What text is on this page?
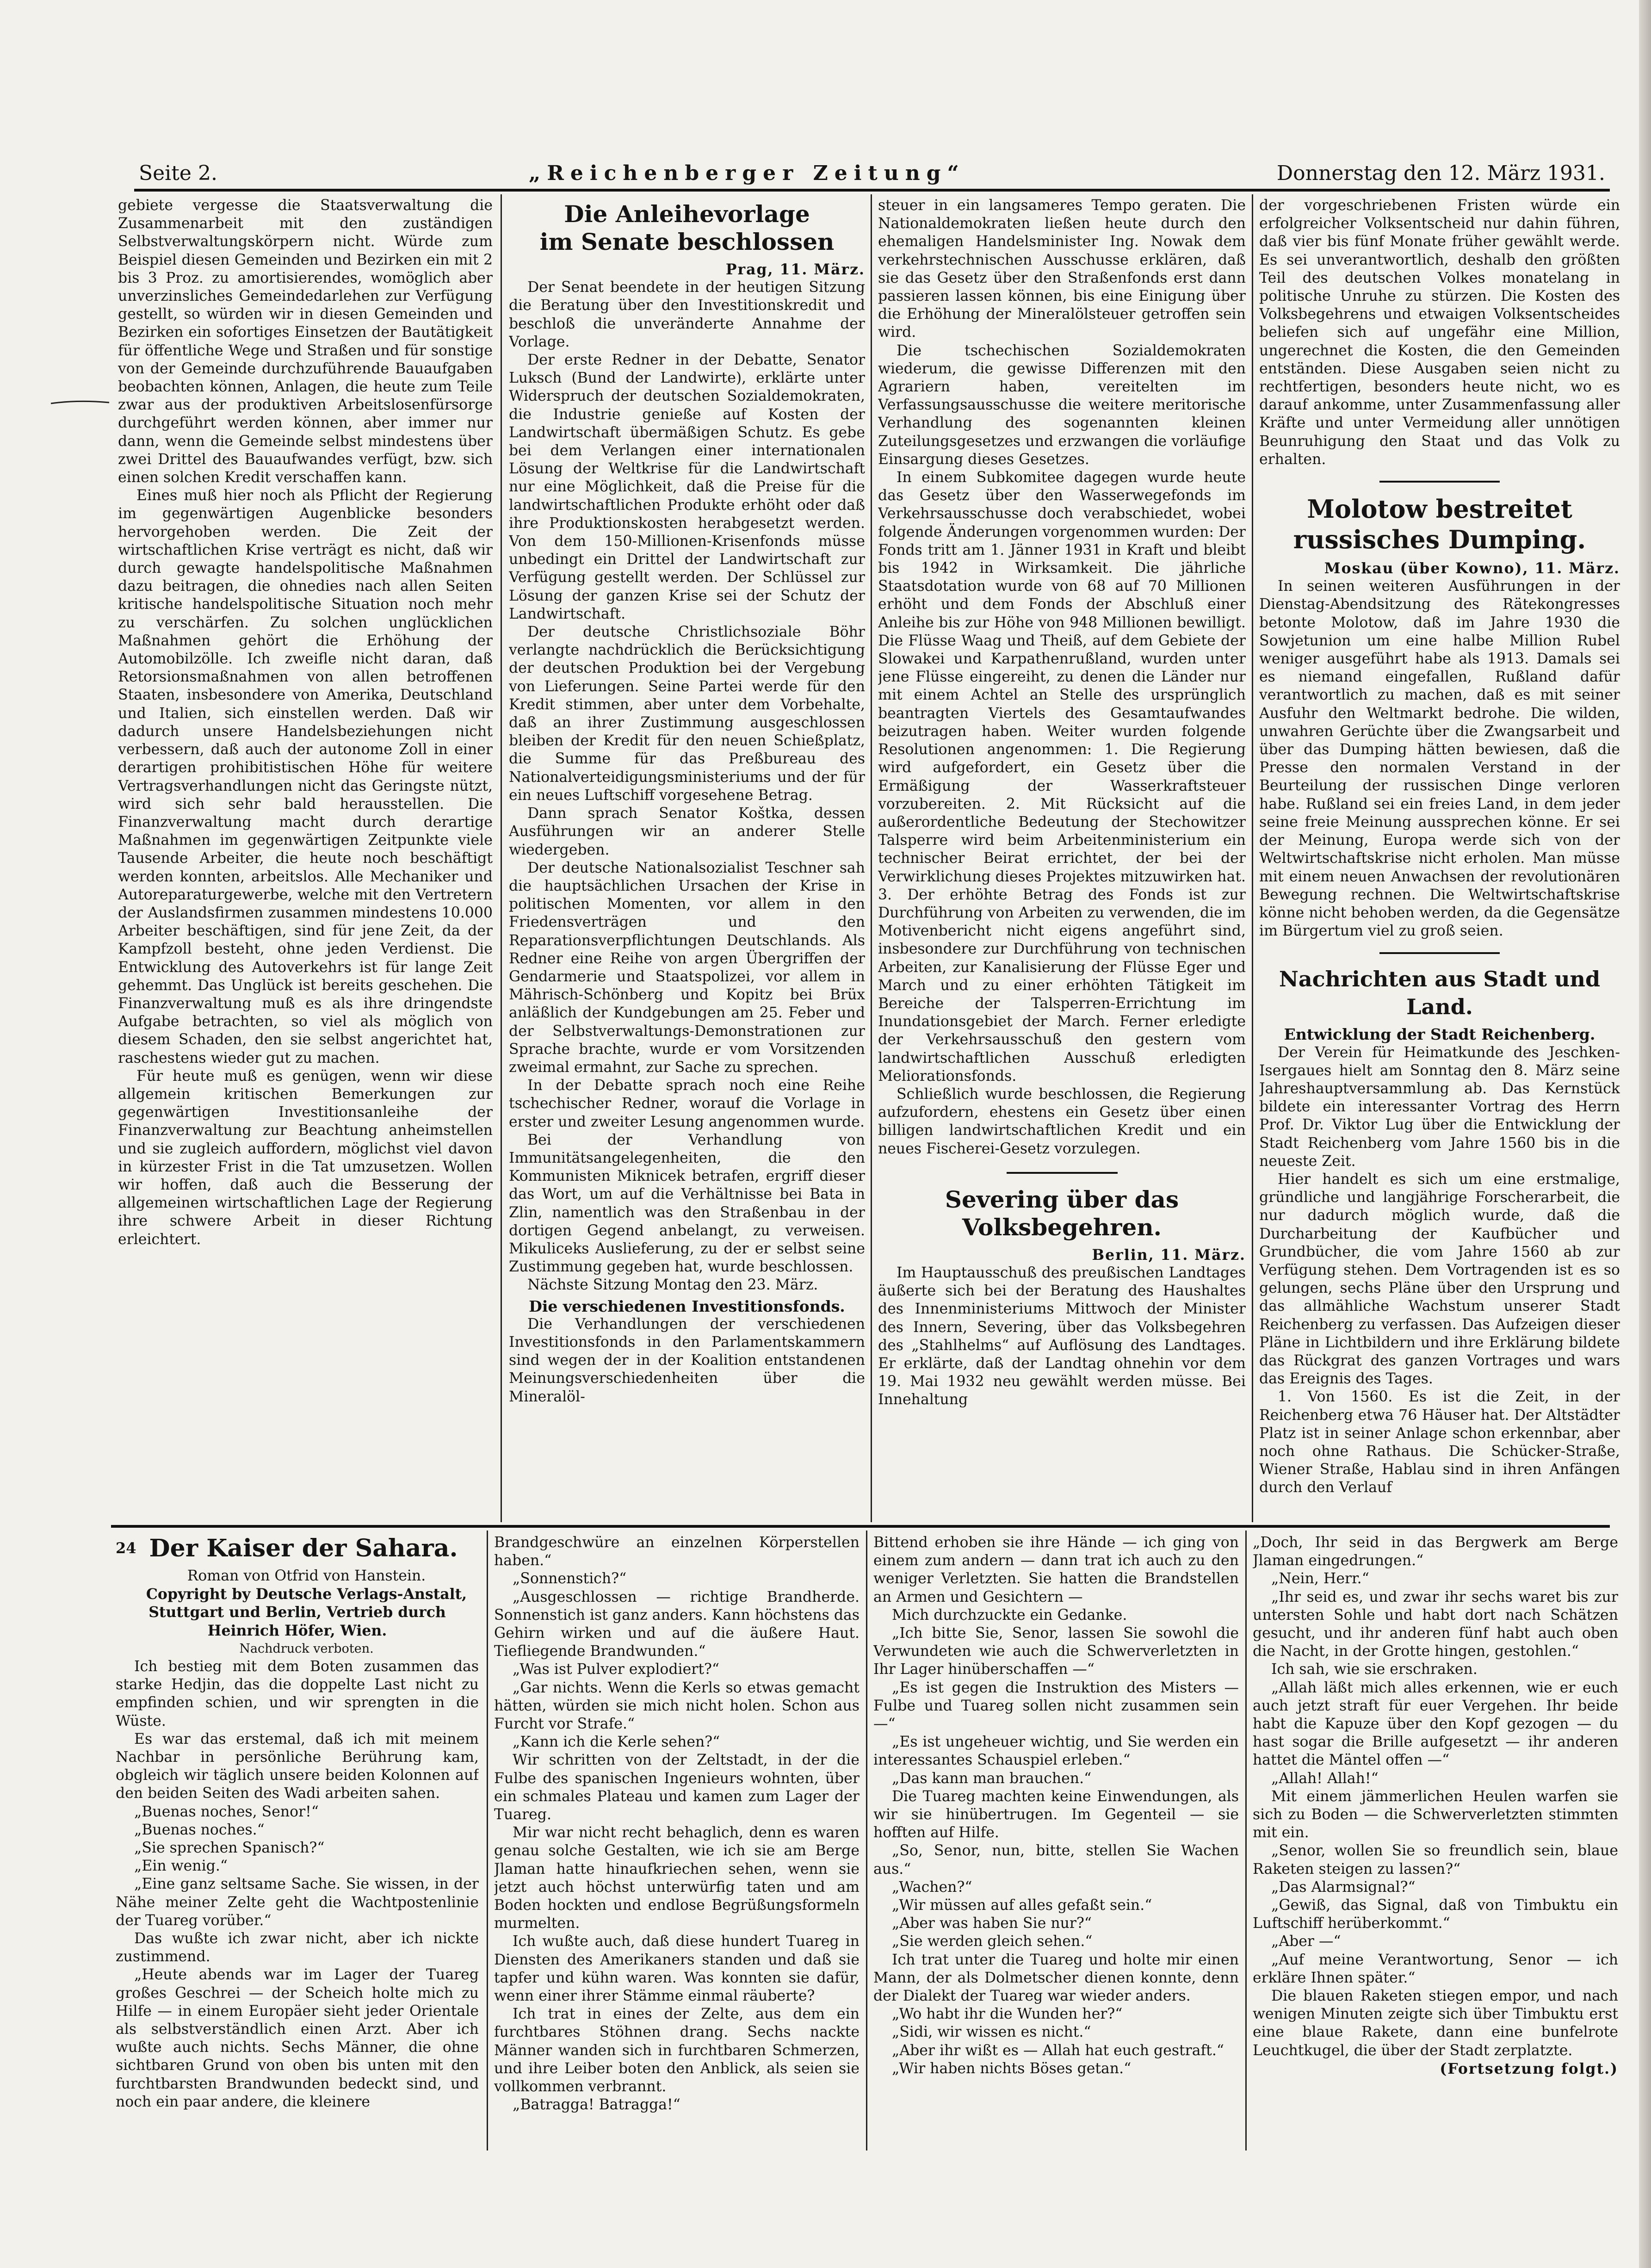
Seite 2.	„Reichenberger Zeitung“	Donnerstag den 12. März 1931.

gebiete vergesse die Staatsverwaltung die Zusammenarbeit mit den zuständigen Selbstverwaltungskörpern nicht. Würde zum Beispiel diesen Gemeinden und Bezirken ein mit 2 bis 3 Proz. zu amortisierendes, womöglich aber unverzinsliches Gemeindedarlehen zur Verfügung gestellt, so würden wir in diesen Gemeinden und Bezirken ein sofortiges Einsetzen der Bautätigkeit für öffentliche Wege und Straßen und für sonstige von der Gemeinde durchzuführende Bauaufgaben beobachten können, Anlagen, die heute zum Teile zwar aus der produktiven Arbeitslosenfürsorge durchgeführt werden können, aber immer nur dann, wenn die Gemeinde selbst mindestens über zwei Drittel des Bauaufwandes verfügt, bzw. sich einen solchen Kredit verschaffen kann.

Eines muß hier noch als Pflicht der Regierung im gegenwärtigen Augenblicke besonders hervorgehoben werden. Die Zeit der wirtschaftlichen Krise verträgt es nicht, daß wir durch gewagte handelspolitische Maßnahmen dazu beitragen, die ohnedies nach allen Seiten kritische handelspolitische Situation noch mehr zu verschärfen. Zu solchen unglücklichen Maßnahmen gehört die Erhöhung der Automobilzölle. Ich zweifle nicht daran, daß Retorsionsmaßnahmen von allen betroffenen Staaten, insbesondere von Amerika, Deutschland und Italien, sich einstellen werden. Daß wir dadurch unsere Handelsbeziehungen nicht verbessern, daß auch der autonome Zoll in einer derartigen prohibitistischen Höhe für weitere Vertragsverhandlungen nicht das Geringste nützt, wird sich sehr bald herausstellen. Die Finanzverwaltung macht durch derartige Maßnahmen im gegenwärtigen Zeitpunkte viele Tausende Arbeiter, die heute noch beschäftigt werden konnten, arbeitslos. Alle Mechaniker und Autoreparaturgewerbe, welche mit den Vertretern der Auslandsfirmen zusammen mindestens 10.000 Arbeiter beschäftigen, sind für jene Zeit, da der Kampfzoll besteht, ohne jeden Verdienst. Die Entwicklung des Autoverkehrs ist für lange Zeit gehemmt. Das Unglück ist bereits geschehen. Die Finanzverwaltung muß es als ihre dringendste Aufgabe betrachten, so viel als möglich von diesem Schaden, den sie selbst angerichtet hat, raschestens wieder gut zu machen.

Für heute muß es genügen, wenn wir diese allgemein kritischen Bemerkungen zur gegenwärtigen Investitionsanleihe der Finanzverwaltung zur Beachtung anheimstellen und sie zugleich auffordern, möglichst viel davon in kürzester Frist in die Tat umzusetzen. Wollen wir hoffen, daß auch die Besserung der allgemeinen wirtschaftlichen Lage der Regierung ihre schwere Arbeit in dieser Richtung erleichtert.

Die Anleihevorlage
im Senate beschlossen

Prag, 11. März.

Der Senat beendete in der heutigen Sitzung die Beratung über den Investitionskredit und beschloß die unveränderte Annahme der Vorlage.

Der erste Redner in der Debatte, Senator Luksch (Bund der Landwirte), erklärte unter Widerspruch der deutschen Sozialdemokraten, die Industrie genieße auf Kosten der Landwirtschaft übermäßigen Schutz. Es gebe bei dem Verlangen einer internationalen Lösung der Weltkrise für die Landwirtschaft nur eine Möglichkeit, daß die Preise für die landwirtschaftlichen Produkte erhöht oder daß ihre Produktionskosten herabgesetzt werden. Von dem 150-Millionen-Krisenfonds müsse unbedingt ein Drittel der Landwirtschaft zur Verfügung gestellt werden. Der Schlüssel zur Lösung der ganzen Krise sei der Schutz der Landwirtschaft.

Der deutsche Christlichsoziale Böhr verlangte nachdrücklich die Berücksichtigung der deutschen Produktion bei der Vergebung von Lieferungen. Seine Partei werde für den Kredit stimmen, aber unter dem Vorbehalte, daß an ihrer Zustimmung ausgeschlossen bleiben der Kredit für den neuen Schießplatz, die Summe für das Preßbureau des Nationalverteidigungsministeriums und der für ein neues Luftschiff vorgesehene Betrag.

Dann sprach Senator Koštka, dessen Ausführungen wir an anderer Stelle wiedergeben.

Der deutsche Nationalsozialist Teschner sah die hauptsächlichen Ursachen der Krise in politischen Momenten, vor allem in den Friedensverträgen und den Reparationsverpflichtungen Deutschlands. Als Redner eine Reihe von argen Übergriffen der Gendarmerie und Staatspolizei, vor allem in Mährisch-Schönberg und Kopitz bei Brüx anläßlich der Kundgebungen am 25. Feber und der Selbstverwaltungs-Demonstrationen zur Sprache brachte, wurde er vom Vorsitzenden zweimal ermahnt, zur Sache zu sprechen.

In der Debatte sprach noch eine Reihe tschechischer Redner, worauf die Vorlage in erster und zweiter Lesung angenommen wurde.

Bei der Verhandlung von Immunitätsangelegenheiten, die den Kommunisten Miknicek betrafen, ergriff dieser das Wort, um auf die Verhältnisse bei Bata in Zlin, namentlich was den Straßenbau in der dortigen Gegend anbelangt, zu verweisen. Mikuliceks Auslieferung, zu der er selbst seine Zustimmung gegeben hat, wurde beschlossen.

Nächste Sitzung Montag den 23. März.

Die verschiedenen Investitionsfonds.

Die Verhandlungen der verschiedenen Investitionsfonds in den Parlamentskammern sind wegen der in der Koalition entstandenen Meinungsverschiedenheiten über die Mineralöl-

steuer in ein langsameres Tempo geraten. Die Nationaldemokraten ließen heute durch den ehemaligen Handelsminister Ing. Nowak dem verkehrstechnischen Ausschusse erklären, daß sie das Gesetz über den Straßenfonds erst dann passieren lassen können, bis eine Einigung über die Erhöhung der Mineralölsteuer getroffen sein wird.

Die tschechischen Sozialdemokraten wiederum, die gewisse Differenzen mit den Agrariern haben, vereitelten im Verfassungsausschusse die weitere meritorische Verhandlung des sogenannten kleinen Zuteilungsgesetzes und erzwangen die vorläufige Einsargung dieses Gesetzes.

In einem Subkomitee dagegen wurde heute das Gesetz über den Wasserwegefonds im Verkehrsausschusse doch verabschiedet, wobei folgende Änderungen vorgenommen wurden: Der Fonds tritt am 1. Jänner 1931 in Kraft und bleibt bis 1942 in Wirksamkeit. Die jährliche Staatsdotation wurde von 68 auf 70 Millionen erhöht und dem Fonds der Abschluß einer Anleihe bis zur Höhe von 948 Millionen bewilligt. Die Flüsse Waag und Theiß, auf dem Gebiete der Slowakei und Karpathenrußland, wurden unter jene Flüsse eingereiht, zu denen die Länder nur mit einem Achtel an Stelle des ursprünglich beantragten Viertels des Gesamtaufwandes beizutragen haben. Weiter wurden folgende Resolutionen angenommen: 1. Die Regierung wird aufgefordert, ein Gesetz über die Ermäßigung der Wasserkraftsteuer vorzubereiten. 2. Mit Rücksicht auf die außerordentliche Bedeutung der Stechowitzer Talsperre wird beim Arbeitenministerium ein technischer Beirat errichtet, der bei der Verwirklichung dieses Projektes mitzuwirken hat. 3. Der erhöhte Betrag des Fonds ist zur Durchführung von Arbeiten zu verwenden, die im Motivenbericht nicht eigens angeführt sind, insbesondere zur Durchführung von technischen Arbeiten, zur Kanalisierung der Flüsse Eger und March und zu einer erhöhten Tätigkeit im Bereiche der Talsperren-Errichtung im Inundationsgebiet der March. Ferner erledigte der Verkehrsausschuß den gestern vom landwirtschaftlichen Ausschuß erledigten Meliorationsfonds.

Schließlich wurde beschlossen, die Regierung aufzufordern, ehestens ein Gesetz über einen billigen landwirtschaftlichen Kredit und ein neues Fischerei-Gesetz vorzulegen.

Severing über das Volksbegehren.

Berlin, 11. März.

Im Hauptausschuß des preußischen Landtages äußerte sich bei der Beratung des Haushaltes des Innenministeriums Mittwoch der Minister des Innern, Severing, über das Volksbegehren des „Stahlhelms“ auf Auflösung des Landtages. Er erklärte, daß der Landtag ohnehin vor dem 19. Mai 1932 neu gewählt werden müsse. Bei Innehaltung

der vorgeschriebenen Fristen würde ein erfolgreicher Volksentscheid nur dahin führen, daß vier bis fünf Monate früher gewählt werde. Es sei unverantwortlich, deshalb den größten Teil des deutschen Volkes monatelang in politische Unruhe zu stürzen. Die Kosten des Volksbegehrens und etwaigen Volksentscheides beliefen sich auf ungefähr eine Million, ungerechnet die Kosten, die den Gemeinden entständen. Diese Ausgaben seien nicht zu rechtfertigen, besonders heute nicht, wo es darauf ankomme, unter Zusammenfassung aller Kräfte und unter Vermeidung aller unnötigen Beunruhigung den Staat und das Volk zu erhalten.

Molotow bestreitet
russisches Dumping.

Moskau (über Kowno), 11. März.

In seinen weiteren Ausführungen in der Dienstag-Abendsitzung des Rätekongresses betonte Molotow, daß im Jahre 1930 die Sowjetunion um eine halbe Million Rubel weniger ausgeführt habe als 1913. Damals sei es niemand eingefallen, Rußland dafür verantwortlich zu machen, daß es mit seiner Ausfuhr den Weltmarkt bedrohe. Die wilden, unwahren Gerüchte über die Zwangsarbeit und über das Dumping hätten bewiesen, daß die Presse den normalen Verstand in der Beurteilung der russischen Dinge verloren habe. Rußland sei ein freies Land, in dem jeder seine freie Meinung aussprechen könne. Er sei der Meinung, Europa werde sich von der Weltwirtschaftskrise nicht erholen. Man müsse mit einem neuen Anwachsen der revolutionären Bewegung rechnen. Die Weltwirtschaftskrise könne nicht behoben werden, da die Gegensätze im Bürgertum viel zu groß seien.

Nachrichten aus Stadt und Land.

Entwicklung der Stadt Reichenberg.

Der Verein für Heimatkunde des Jeschken-Isergaues hielt am Sonntag den 8. März seine Jahreshauptversammlung ab. Das Kernstück bildete ein interessanter Vortrag des Herrn Prof. Dr. Viktor Lug über die Entwicklung der Stadt Reichenberg vom Jahre 1560 bis in die neueste Zeit.

Hier handelt es sich um eine erstmalige, gründliche und langjährige Forscherarbeit, die nur dadurch möglich wurde, daß die Durcharbeitung der Kaufbücher und Grundbücher, die vom Jahre 1560 ab zur Verfügung stehen. Dem Vortragenden ist es so gelungen, sechs Pläne über den Ursprung und das allmähliche Wachstum unserer Stadt Reichenberg zu verfassen. Das Aufzeigen dieser Pläne in Lichtbildern und ihre Erklärung bildete das Rückgrat des ganzen Vortrages und wars das Ereignis des Tages.

1. Von 1560. Es ist die Zeit, in der Reichenberg etwa 76 Häuser hat. Der Altstädter Platz ist in seiner Anlage schon erkennbar, aber noch ohne Rathaus. Die Schücker-Straße, Wiener Straße, Hablau sind in ihren Anfängen durch den Verlauf

24 Der Kaiser der Sahara.

Roman von Otfrid von Hanstein.

Copyright by Deutsche Verlags-Anstalt, Stuttgart und Berlin, Vertrieb durch Heinrich Höfer, Wien.

Nachdruck verboten.

Ich bestieg mit dem Boten zusammen das starke Hedjin, das die doppelte Last nicht zu empfinden schien, und wir sprengten in die Wüste.

Es war das erstemal, daß ich mit meinem Nachbar in persönliche Berührung kam, obgleich wir täglich unsere beiden Kolonnen auf den beiden Seiten des Wadi arbeiten sahen.

„Buenas noches, Senor!“

„Buenas noches.“

„Sie sprechen Spanisch?“

„Ein wenig.“

„Eine ganz seltsame Sache. Sie wissen, in der Nähe meiner Zelte geht die Wachtpostenlinie der Tuareg vorüber.“

Das wußte ich zwar nicht, aber ich nickte zustimmend.

„Heute abends war im Lager der Tuareg großes Geschrei — der Scheich holte mich zu Hilfe — in einem Europäer sieht jeder Orientale als selbstverständlich einen Arzt. Aber ich wußte auch nichts. Sechs Männer, die ohne sichtbaren Grund von oben bis unten mit den furchtbarsten Brandwunden bedeckt sind, und noch ein paar andere, die kleinere

Brandgeschwüre an einzelnen Körperstellen haben.“

„Sonnenstich?“

„Ausgeschlossen — richtige Brandherde. Sonnenstich ist ganz anders. Kann höchstens das Gehirn wirken und auf die äußere Haut. Tiefliegende Brandwunden.“

„Was ist Pulver explodiert?“

„Gar nichts. Wenn die Kerls so etwas gemacht hätten, würden sie mich nicht holen. Schon aus Furcht vor Strafe.“

„Kann ich die Kerle sehen?“

Wir schritten von der Zeltstadt, in der die Fulbe des spanischen Ingenieurs wohnten, über ein schmales Plateau und kamen zum Lager der Tuareg.

Mir war nicht recht behaglich, denn es waren genau solche Gestalten, wie ich sie am Berge Jlaman hatte hinaufkriechen sehen, wenn sie jetzt auch höchst unterwürfig taten und am Boden hockten und endlose Begrüßungsformeln murmelten.

Ich wußte auch, daß diese hundert Tuareg in Diensten des Amerikaners standen und daß sie tapfer und kühn waren. Was konnten sie dafür, wenn einer ihrer Stämme einmal räuberte?

Ich trat in eines der Zelte, aus dem ein furchtbares Stöhnen drang. Sechs nackte Männer wanden sich in furchtbaren Schmerzen, und ihre Leiber boten den Anblick, als seien sie vollkommen verbrannt.

„Batragga! Batragga!“

Bittend erhoben sie ihre Hände — ich ging von einem zum andern — dann trat ich auch zu den weniger Verletzten. Sie hatten die Brandstellen an Armen und Gesichtern —

Mich durchzuckte ein Gedanke.

„Ich bitte Sie, Senor, lassen Sie sowohl die Verwundeten wie auch die Schwerverletzten in Ihr Lager hinüberschaffen —“

„Es ist gegen die Instruktion des Misters — Fulbe und Tuareg sollen nicht zusammen sein —“

„Es ist ungeheuer wichtig, und Sie werden ein interessantes Schauspiel erleben.“

„Das kann man brauchen.“

Die Tuareg machten keine Einwendungen, als wir sie hinübertrugen. Im Gegenteil — sie hofften auf Hilfe.

„So, Senor, nun, bitte, stellen Sie Wachen aus.“

„Wachen?“

„Wir müssen auf alles gefaßt sein.“

„Aber was haben Sie nur?“

„Sie werden gleich sehen.“

Ich trat unter die Tuareg und holte mir einen Mann, der als Dolmetscher dienen konnte, denn der Dialekt der Tuareg war wieder anders.

„Wo habt ihr die Wunden her?“

„Sidi, wir wissen es nicht.“

„Aber ihr wißt es — Allah hat euch gestraft.“

„Wir haben nichts Böses getan.“

„Doch, Ihr seid in das Bergwerk am Berge Jlaman eingedrungen.“

„Nein, Herr.“

„Ihr seid es, und zwar ihr sechs waret bis zur untersten Sohle und habt dort nach Schätzen gesucht, und ihr anderen fünf habt auch oben die Nacht, in der Grotte hingen, gestohlen.“

Ich sah, wie sie erschraken.

„Allah läßt mich alles erkennen, wie er euch auch jetzt straft für euer Vergehen. Ihr beide habt die Kapuze über den Kopf gezogen — du hast sogar die Brille aufgesetzt — ihr anderen hattet die Mäntel offen —“

„Allah! Allah!“

Mit einem jämmerlichen Heulen warfen sie sich zu Boden — die Schwerverletzten stimmten mit ein.

„Senor, wollen Sie so freundlich sein, blaue Raketen steigen zu lassen?“

„Das Alarmsignal?“

„Gewiß, das Signal, daß von Timbuktu ein Luftschiff herüberkommt.“

„Aber —“

„Auf meine Verantwortung, Senor — ich erkläre Ihnen später.“

Die blauen Raketen stiegen empor, und nach wenigen Minuten zeigte sich über Timbuktu erst eine blaue Rakete, dann eine bunfelrote Leuchtkugel, die über der Stadt zerplatzte.

(Fortsetzung folgt.)
